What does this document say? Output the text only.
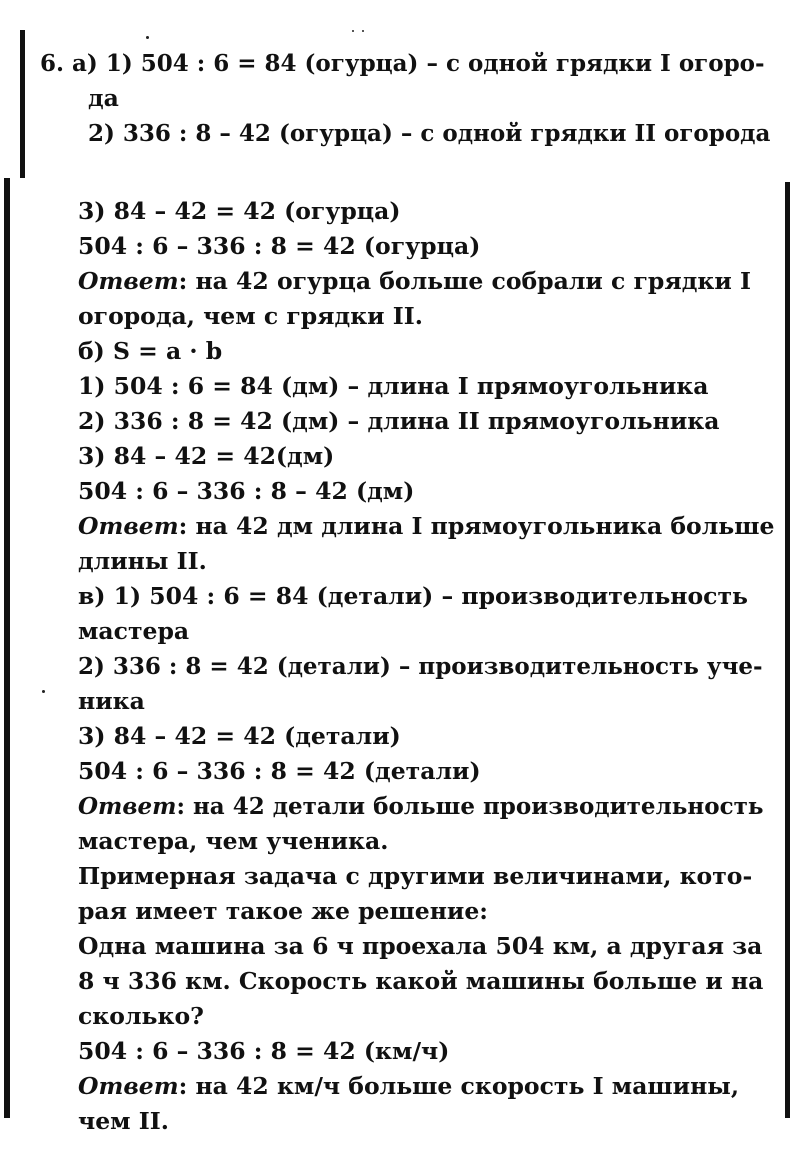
6. а) 1) 504 : 6 = 84 (огурца) – с одной грядки I огоро-
да
2) 336 : 8 – 42 (огурца) – с одной грядки II огорода
3) 84 – 42 = 42 (огурца)
504 : 6 – 336 : 8 = 42 (огурца)
Ответ: на 42 огурца больше собрали с грядки I
огорода, чем с грядки II.
б) S = a · b
1) 504 : 6 = 84 (дм) – длина I прямоугольника
2) 336 : 8 = 42 (дм) – длина II прямоугольника
3) 84 – 42 = 42(дм)
504 : 6 – 336 : 8 – 42 (дм)
Ответ: на 42 дм длина I прямоугольника больше
длины II.
в) 1) 504 : 6 = 84 (детали) – производительность
мастера
2) 336 : 8 = 42 (детали) – производительность уче-
ника
3) 84 – 42 = 42 (детали)
504 : 6 – 336 : 8 = 42 (детали)
Ответ: на 42 детали больше производительность
мастера, чем ученика.
Примерная задача с другими величинами, кото-
рая имеет такое же решение:
Одна машина за 6 ч проехала 504 км, а другая за
8 ч 336 км. Скорость какой машины больше и на
сколько?
504 : 6 – 336 : 8 = 42 (км/ч)
Ответ: на 42 км/ч больше скорость I машины,
чем II.
